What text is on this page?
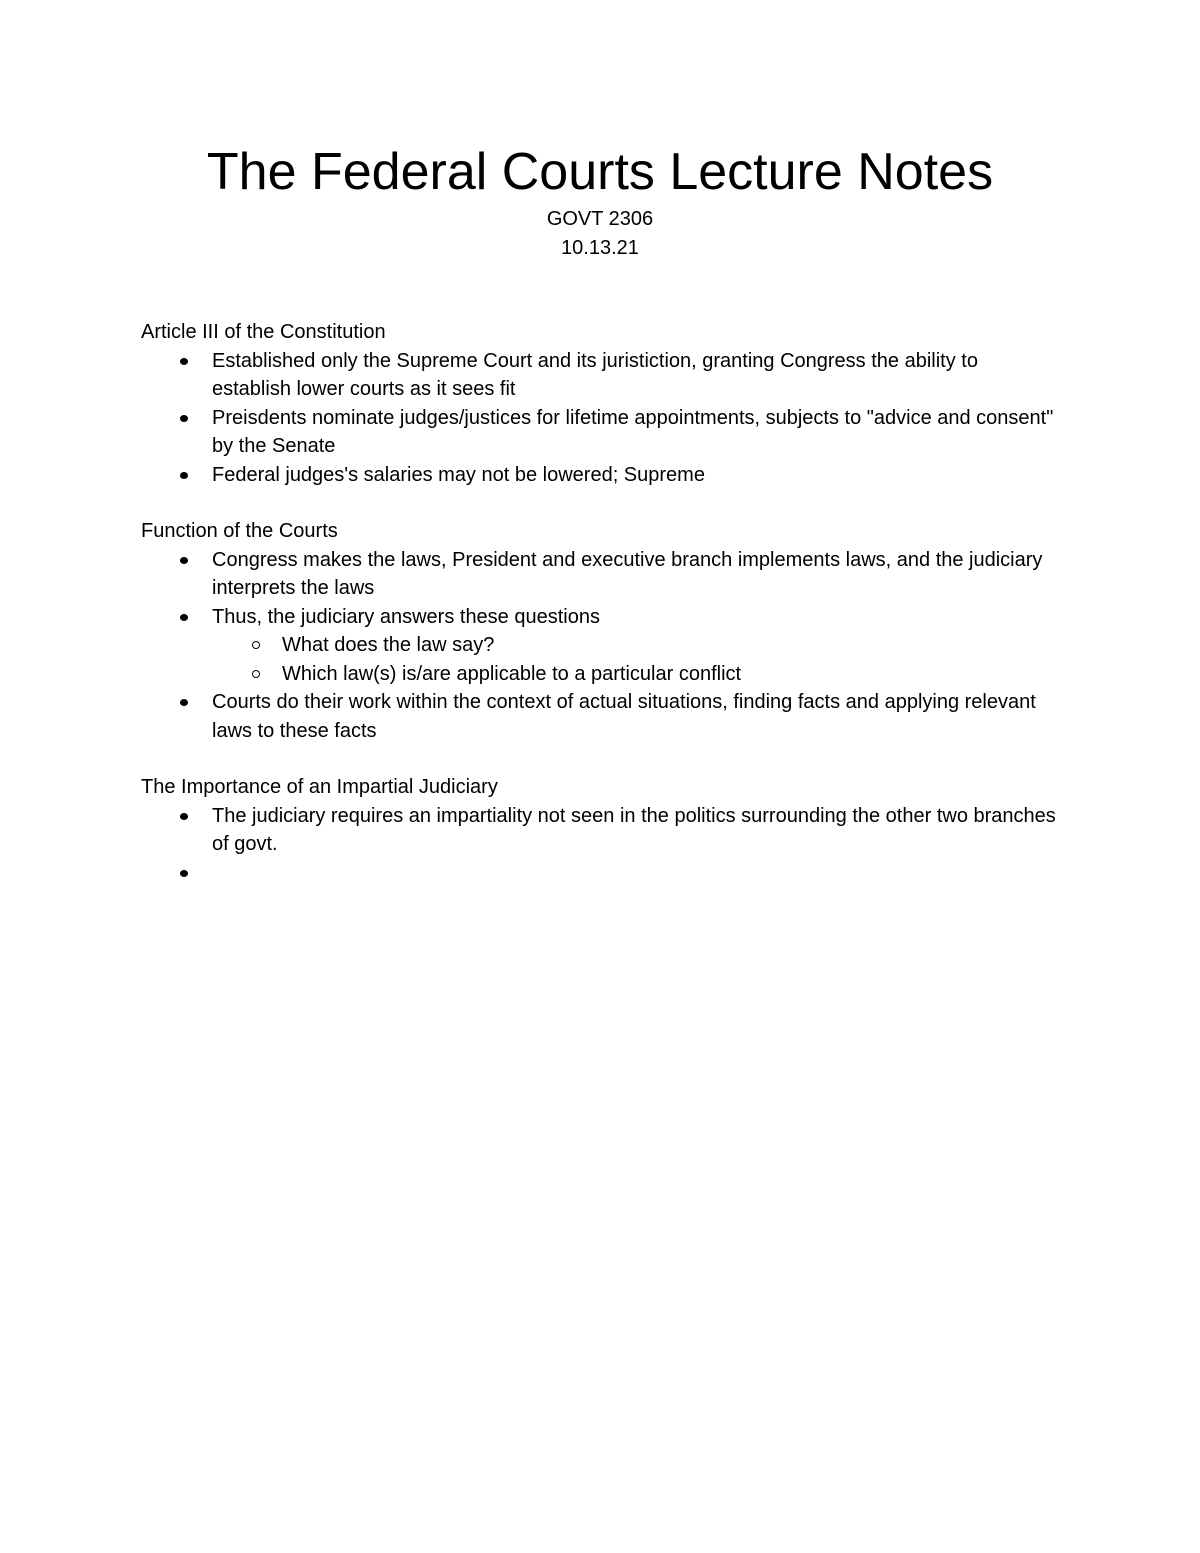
The Federal Courts Lecture Notes
GOVT 2306
10.13.21

Article III of the Constitution

Established only the Supreme Court and its juristiction, granting Congress the ability to establish lower courts as it sees fit
Preisdents nominate judges/justices for lifetime appointments, subjects to "advice and consent" by the Senate
Federal judges's salaries may not be lowered; Supreme

Function of the Courts

Congress makes the laws, President and executive branch implements laws, and the judiciary interprets the laws
Thus, the judiciary answers these questions
What does the law say?
Which law(s) is/are applicable to a particular conflict
Courts do their work within the context of actual situations, finding facts and applying relevant laws to these facts

The Importance of an Impartial Judiciary

The judiciary requires an impartiality not seen in the politics surrounding the other two branches of govt.
